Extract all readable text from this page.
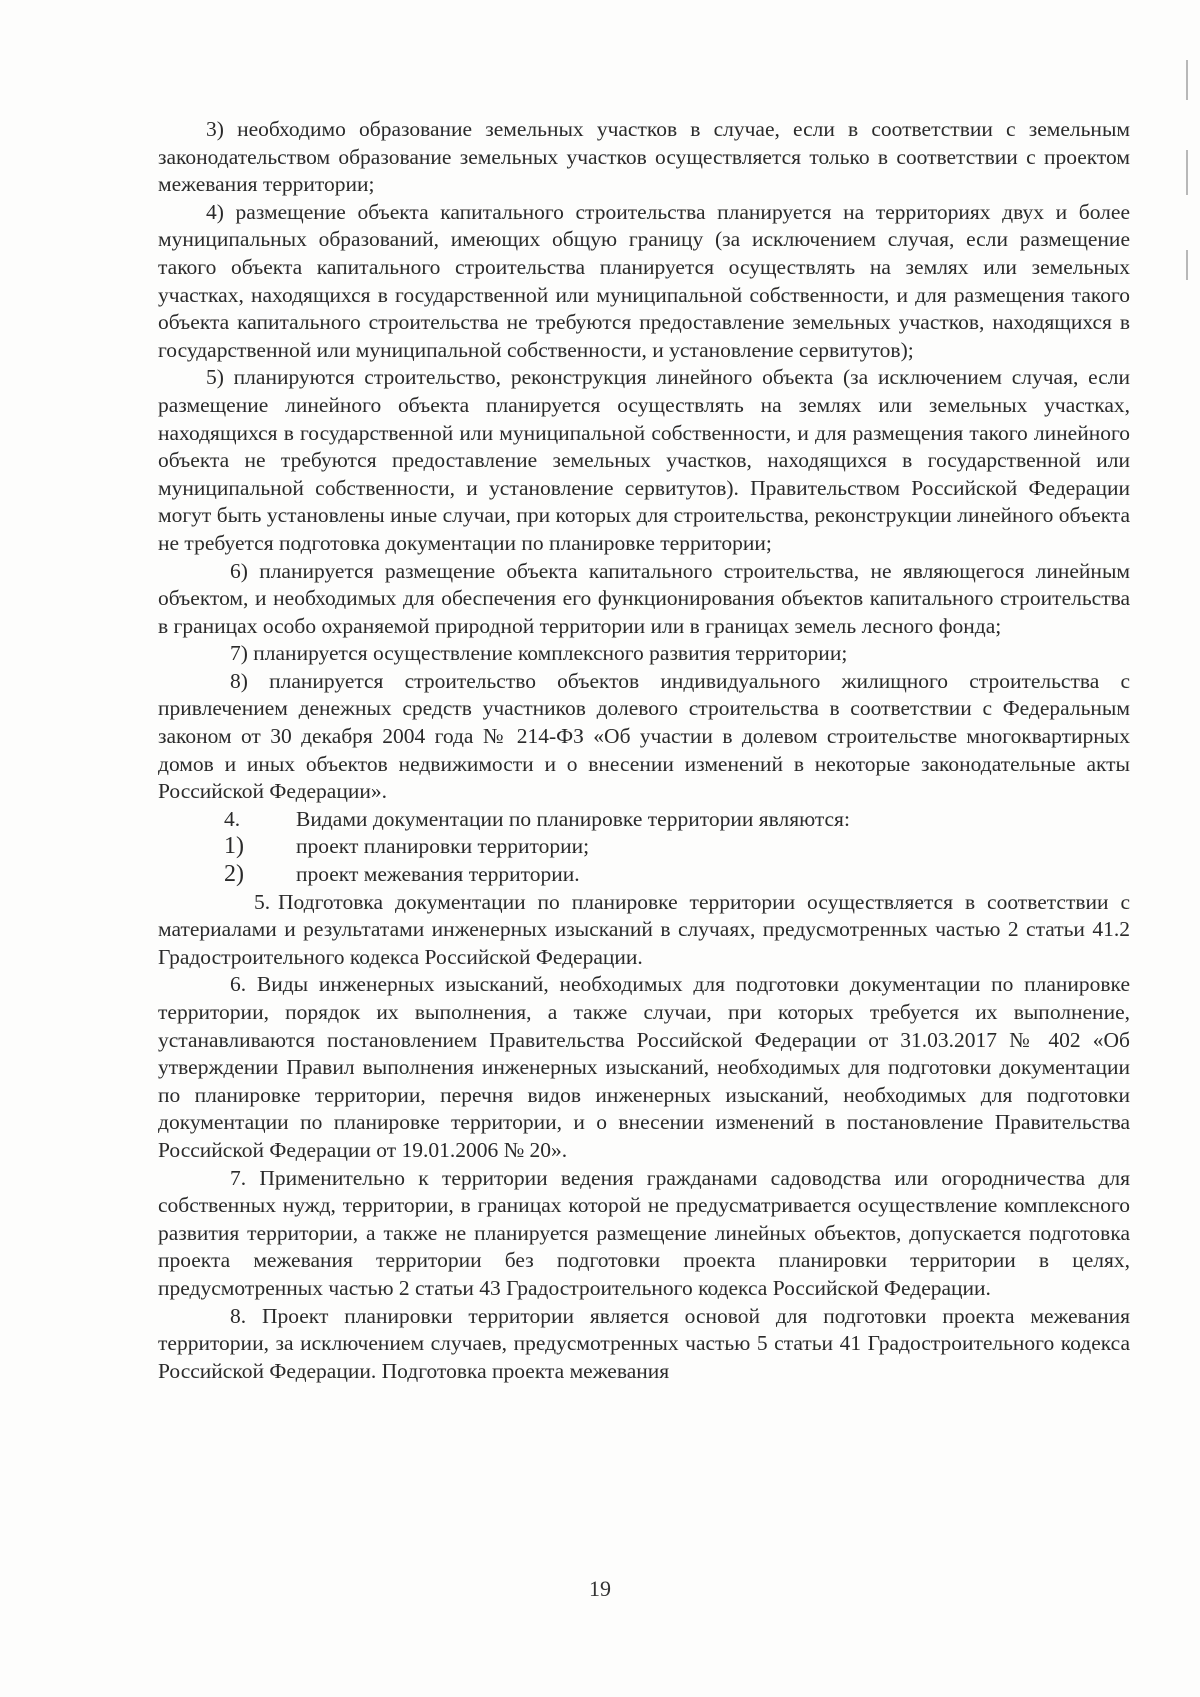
3) необходимо образование земельных участков в случае, если в соответствии с земельным законодательством образование земельных участков осуществляется только в соответствии с проектом межевания территории;

4) размещение объекта капитального строительства планируется на территориях двух и более муниципальных образований, имеющих общую границу (за исключением случая, если размещение такого объекта капитального строительства планируется осуществлять на землях или земельных участках, находящихся в государственной или муниципальной собственности, и для размещения такого объекта капитального строительства не требуются предоставление земельных участков, находящихся в государственной или муниципальной собственности, и установление сервитутов);

5) планируются строительство, реконструкция линейного объекта (за исключением случая, если размещение линейного объекта планируется осуществлять на землях или земельных участках, находящихся в государственной или муниципальной собственности, и для размещения такого линейного объекта не требуются предоставление земельных участков, находящихся в государственной или муниципальной собственности, и установление сервитутов). Правительством Российской Федерации могут быть установлены иные случаи, при которых для строительства, реконструкции линейного объекта не требуется подготовка документации по планировке территории;

6) планируется размещение объекта капитального строительства, не являющегося линейным объектом, и необходимых для обеспечения его функционирования объектов капитального строительства в границах особо охраняемой природной территории или в границах земель лесного фонда;

7) планируется осуществление комплексного развития территории;

8) планируется строительство объектов индивидуального жилищного строительства с привлечением денежных средств участников долевого строительства в соответствии с Федеральным законом от 30 декабря 2004 года № 214-ФЗ «Об участии в долевом строительстве многоквартирных домов и иных объектов недвижимости и о внесении изменений в некоторые законодательные акты Российской Федерации».

4.	Видами документации по планировке территории являются:
1)	проект планировки территории;
2)	проект межевания территории.

5. Подготовка документации по планировке территории осуществляется в соответствии с материалами и результатами инженерных изысканий в случаях, предусмотренных частью 2 статьи 41.2 Градостроительного кодекса Российской Федерации.

6. Виды инженерных изысканий, необходимых для подготовки документации по планировке территории, порядок их выполнения, а также случаи, при которых требуется их выполнение, устанавливаются постановлением Правительства Российской Федерации от 31.03.2017 № 402 «Об утверждении Правил выполнения инженерных изысканий, необходимых для подготовки документации по планировке территории, перечня видов инженерных изысканий, необходимых для подготовки документации по планировке территории, и о внесении изменений в постановление Правительства Российской Федерации от 19.01.2006 № 20».

7. Применительно к территории ведения гражданами садоводства или огородничества для собственных нужд, территории, в границах которой не предусматривается осуществление комплексного развития территории, а также не планируется размещение линейных объектов, допускается подготовка проекта межевания территории без подготовки проекта планировки территории в целях, предусмотренных частью 2 статьи 43 Градостроительного кодекса Российской Федерации.

8. Проект планировки территории является основой для подготовки проекта межевания территории, за исключением случаев, предусмотренных частью 5 статьи 41 Градостроительного кодекса Российской Федерации. Подготовка проекта межевания

19
